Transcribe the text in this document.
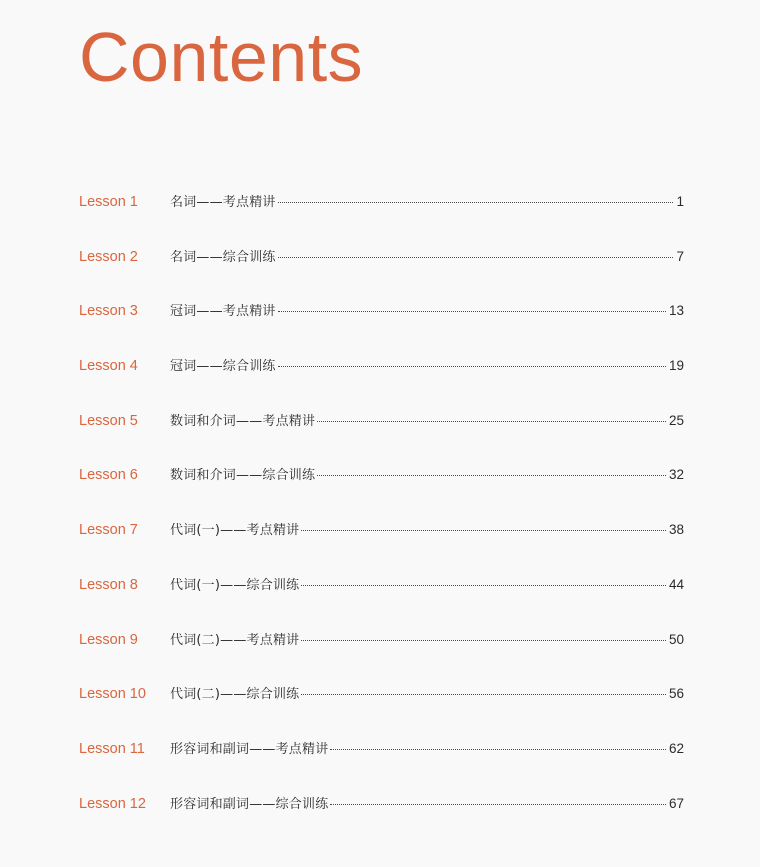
Contents
Lesson 1	名词——考点精讲	1
Lesson 2	名词——综合训练	7
Lesson 3	冠词——考点精讲	13
Lesson 4	冠词——综合训练	19
Lesson 5	数词和介词——考点精讲	25
Lesson 6	数词和介词——综合训练	32
Lesson 7	代词(一)——考点精讲	38
Lesson 8	代词(一)——综合训练	44
Lesson 9	代词(二)——考点精讲	50
Lesson 10	代词(二)——综合训练	56
Lesson 11	形容词和副词——考点精讲	62
Lesson 12	形容词和副词——综合训练	67
